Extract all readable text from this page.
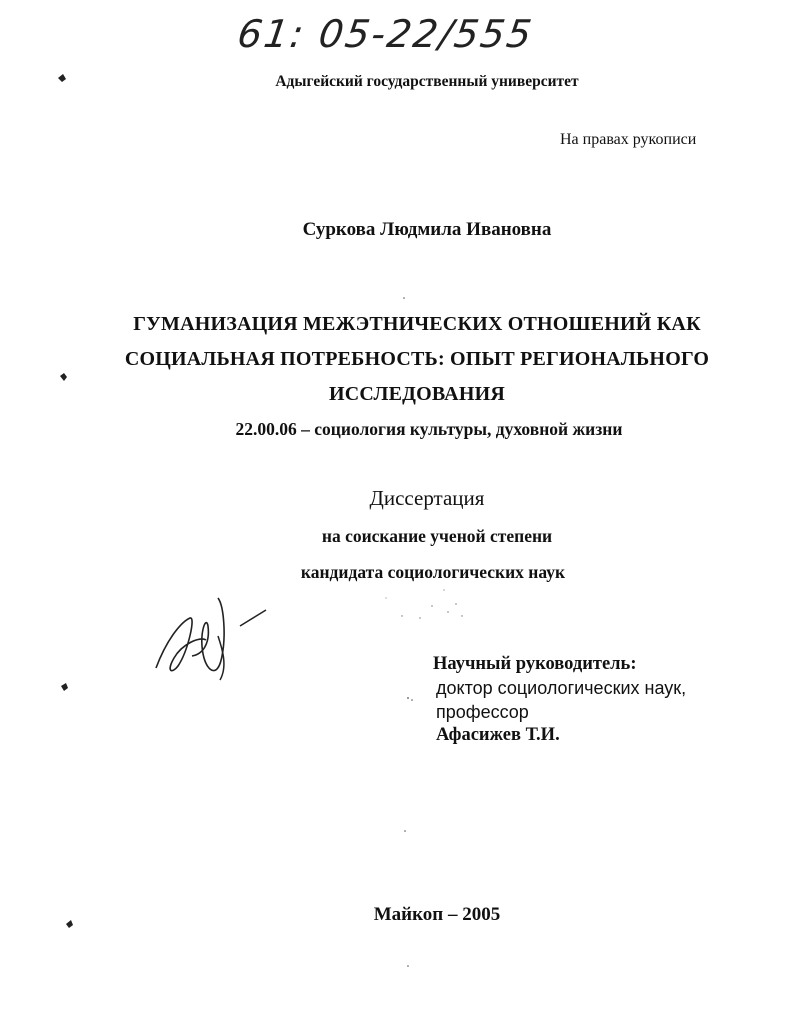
61: 05-22/555
Адыгейский государственный университет
На правах рукописи
Суркова Людмила Ивановна
ГУМАНИЗАЦИЯ МЕЖЭТНИЧЕСКИХ ОТНОШЕНИЙ КАК
СОЦИАЛЬНАЯ ПОТРЕБНОСТЬ: ОПЫТ РЕГИОНАЛЬНОГО
ИССЛЕДОВАНИЯ
22.00.06 – социология культуры, духовной жизни
Диссертация
на соискание ученой степени
кандидата социологических наук
Научный руководитель:
доктор социологических наук,
профессор
Афасижев Т.И.
Майкоп – 2005
